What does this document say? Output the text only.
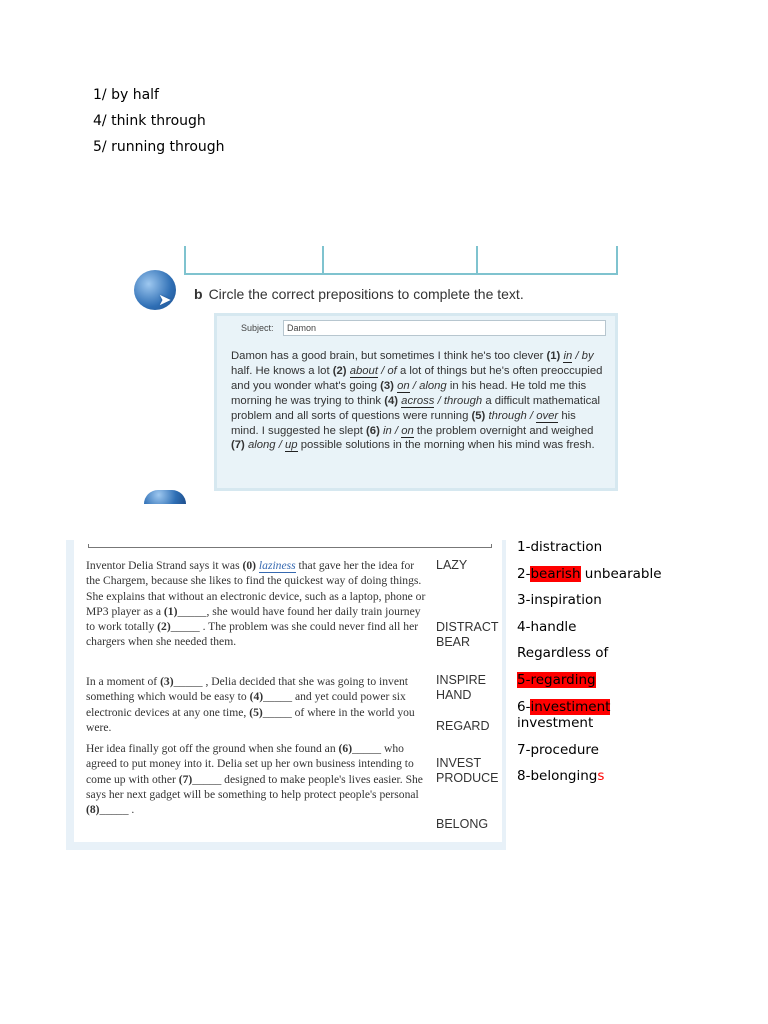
1/ by half
4/ think through
5/ running through
➤ b Circle the correct prepositions to complete the text.
Subject:	Damon
Damon has a good brain, but sometimes I think he's too clever (1) in / by half. He knows a lot (2) about / of a lot of things but he's often preoccupied and you wonder what's going (3) on / along in his head. He told me this morning he was trying to think (4) across / through a difficult mathematical problem and all sorts of questions were running (5) through / over his mind. I suggested he slept (6) in / on the problem overnight and weighed (7) along / up possible solutions in the morning when his mind was fresh.
Inventor Delia Strand says it was (0) laziness that gave her the idea for the Chargem, because she likes to find the quickest way of doing things. She explains that without an electronic device, such as a laptop, phone or MP3 player as a (1)_____, she would have found her daily train journey to work totally (2)_____ . The problem was she could never find all her chargers when she needed them.
In a moment of (3)_____ , Delia decided that she was going to invent something which would be easy to (4)_____ and yet could power six electronic devices at any one time, (5)_____ of where in the world you were.
Her idea finally got off the ground when she found an (6)_____ who agreed to put money into it. Delia set up her own business intending to come up with other (7)_____ designed to make people's lives easier. She says her next gadget will be something to help protect people's personal (8)_____ .
LAZY
DISTRACT
BEAR
INSPIRE
HAND
REGARD
INVEST
PRODUCE
BELONG
1-distraction
2-bearish unbearable
3-inspiration
4-handle
Regardless of
5-regarding
6-investiment
investment
7-procedure
8-belongings
